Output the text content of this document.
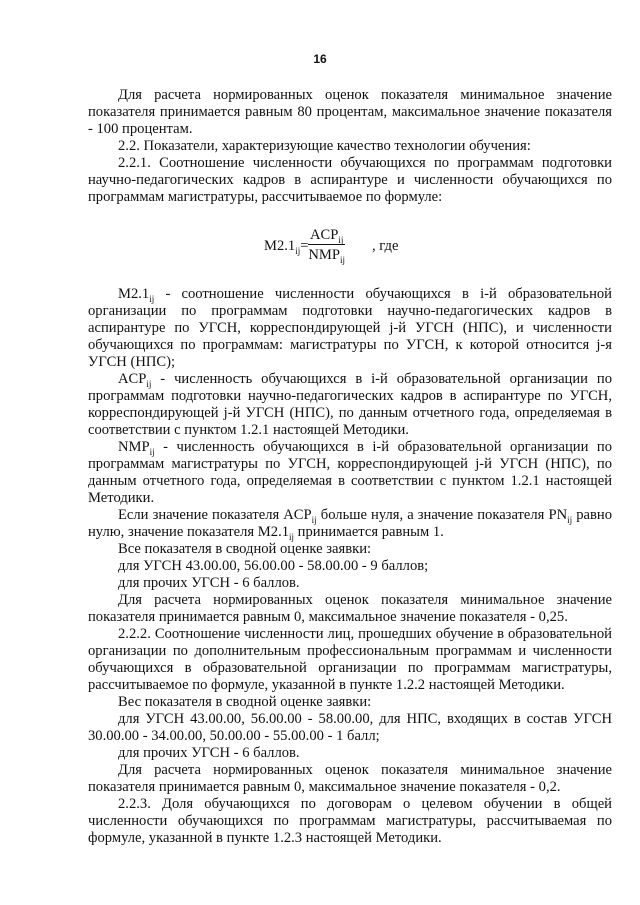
16

Для расчета нормированных оценок показателя минимальное значение показателя принимается равным 80 процентам, максимальное значение показателя - 100 процентам.

2.2. Показатели, характеризующие качество технологии обучения:

2.2.1. Соотношение численности обучающихся по программам подготовки научно-педагогических кадров в аспирантуре и численности обучающихся по программам магистратуры, рассчитываемое по формуле:

$M2.1_{ij}=$
$ACP_{ij}$
$NMP_{ij}$
, где

$M2.1_{ij}$ - соотношение численности обучающихся в i-й образовательной организации по программам подготовки научно-педагогических кадров в аспирантуре по УГСН, корреспондирующей j-й УГСН (НПС), и численности обучающихся по программам: магистратуры по УГСН, к которой относится j-я УГСН (НПС);

$ACP_{ij}$ - численность обучающихся в i-й образовательной организации по программам подготовки научно-педагогических кадров в аспирантуре по УГСН, корреспондирующей j-й УГСН (НПС), по данным отчетного года, определяемая в соответствии с пунктом 1.2.1 настоящей Методики.

$NMP_{ij}$ - численность обучающихся в i-й образовательной организации по программам магистратуры по УГСН, корреспондирующей j-й УГСН (НПС), по данным отчетного года, определяемая в соответствии с пунктом 1.2.1 настоящей Методики.

Если значение показателя $ACP_{ij}$ больше нуля, а значение показателя $PN_{ij}$ равно нулю, значение показателя $M2.1_{ij}$ принимается равным 1.

Все показателя в сводной оценке заявки:

для УГСН 43.00.00, 56.00.00 - 58.00.00 - 9 баллов;

для прочих УГСН - 6 баллов.

Для расчета нормированных оценок показателя минимальное значение показателя принимается равным 0, максимальное значение показателя - 0,25.

2.2.2. Соотношение численности лиц, прошедших обучение в образовательной организации по дополнительным профессиональным программам и численности обучающихся в образовательной организации по программам магистратуры, рассчитываемое по формуле, указанной в пункте 1.2.2 настоящей Методики.

Вес показателя в сводной оценке заявки:

для УГСН 43.00.00, 56.00.00 - 58.00.00, для НПС, входящих в состав УГСН 30.00.00 - 34.00.00, 50.00.00 - 55.00.00 - 1 балл;

для прочих УГСН - 6 баллов.

Для расчета нормированных оценок показателя минимальное значение показателя принимается равным 0, максимальное значение показателя - 0,2.

2.2.3. Доля обучающихся по договорам о целевом обучении в общей численности обучающихся по программам магистратуры, рассчитываемая по формуле, указанной в пункте 1.2.3 настоящей Методики.
